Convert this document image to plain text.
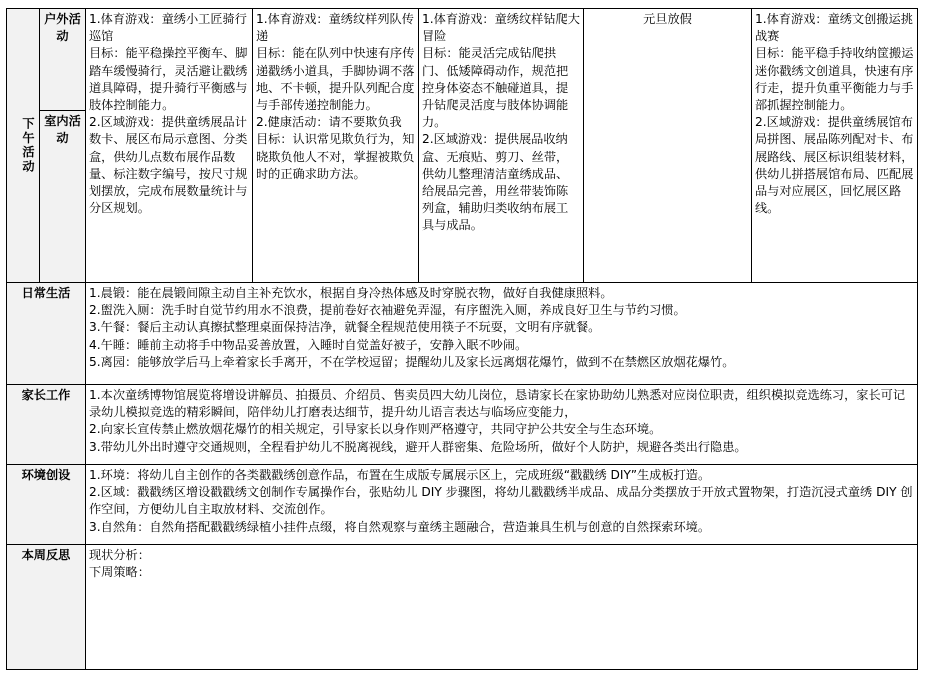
下午活动	户外活动	1.体育游戏：童绣小工匠骑行巡馆
目标：能平稳操控平衡车、脚踏车缓慢骑行，灵活避让戳绣道具障碍，提升骑行平衡感与肢体控制能力。
2.区域游戏：提供童绣展品计数卡、展区布局示意图、分类盒，供幼儿点数布展作品数量、标注数字编号，按尺寸规划摆放，完成布展数量统计与分区规划。	1.体育游戏：童绣纹样列队传递
目标：能在队列中快速有序传递戳绣小道具，手脚协调不落地、不卡顿，提升队列配合度与手部传递控制能力。
2.健康活动：请不要欺负我
目标：认识常见欺负行为，知晓欺负他人不对，掌握被欺负时的正确求助方法。	1.体育游戏：童绣纹样钻爬大冒险
目标：能灵活完成钻爬拱门、低矮障碍动作，规范把控身体姿态不触碰道具，提升钻爬灵活度与肢体协调能力。
2.区域游戏：提供展品收纳盒、无痕贴、剪刀、丝带，供幼儿整理清洁童绣成品、给展品完善，用丝带装饰陈列盒，辅助归类收纳布展工具与成品。	元旦放假	1.体育游戏：童绣文创搬运挑战赛
目标：能平稳手持收纳筐搬运迷你戳绣文创道具，快速有序行走，提升负重平衡能力与手部抓握控制能力。
2.区域游戏：提供童绣展馆布局拼图、展品陈列配对卡、布展路线、展区标识组装材料，供幼儿拼搭展馆布局、匹配展品与对应展区，回忆展区路线。
	室内活动					
日常生活		1.晨锻：能在晨锻间隙主动自主补充饮水，根据自身冷热体感及时穿脱衣物，做好自我健康照料。
2.盥洗入厕：洗手时自觉节约用水不浪费，提前卷好衣袖避免弄湿，有序盥洗入厕，养成良好卫生与节约习惯。
3.午餐：餐后主动认真擦拭整理桌面保持洁净，就餐全程规范使用筷子不玩耍，文明有序就餐。
4.午睡：睡前主动将手中物品妥善放置，入睡时自觉盖好被子，安静入眠不吵闹。
5.离园：能够放学后马上牵着家长手离开，不在学校逗留；提醒幼儿及家长远离烟花爆竹，做到不在禁燃区放烟花爆竹。				

家长工作		1.本次童绣博物馆展览将增设讲解员、拍摄员、介绍员、售卖员四大幼儿岗位，恳请家长在家协助幼儿熟悉对应岗位职责，组织模拟竞选练习，家长可记录幼儿模拟竞选的精彩瞬间，陪伴幼儿打磨表达细节，提升幼儿语言表达与临场应变能力，
2.向家长宣传禁止燃放烟花爆竹的相关规定，引导家长以身作则严格遵守，共同守护公共安全与生态环境。
3.带幼儿外出时遵守交通规则，全程看护幼儿不脱离视线，避开人群密集、危险场所，做好个人防护，规避各类出行隐患。				

环境创设		1.环境：将幼儿自主创作的各类戳戳绣创意作品，布置在生成版专属展示区上，完成班级“戳戳绣 DIY”生成板打造。
2.区域：戳戳绣区增设戳戳绣文创制作专属操作台，张贴幼儿 DIY 步骤图，将幼儿戳戳绣半成品、成品分类摆放于开放式置物架，打造沉浸式童绣 DIY 创作空间，方便幼儿自主取放材料、交流创作。
3.自然角：自然角搭配戳戳绣绿植小挂件点缀，将自然观察与童绣主题融合，营造兼具生机与创意的自然探索环境。				

本周反思		现状分析：
下周策略：				
